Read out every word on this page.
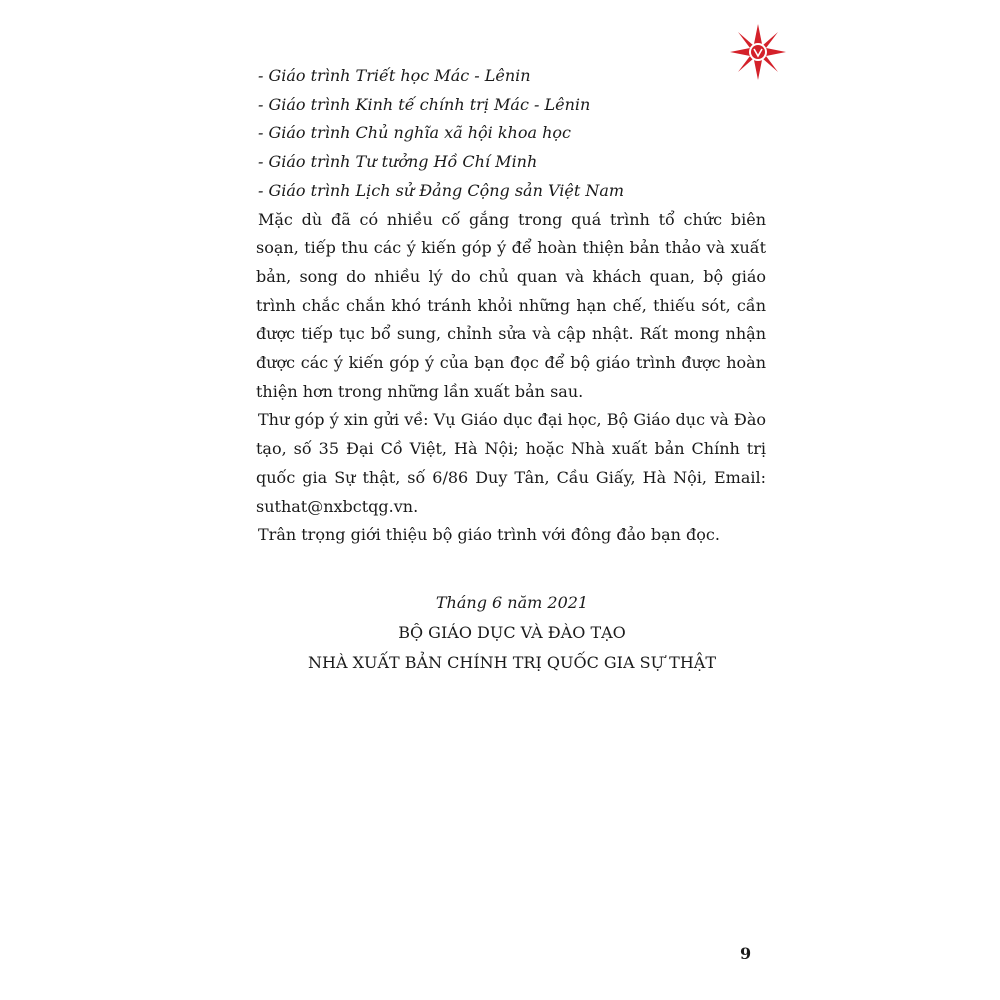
- Giáo trình Triết học Mác - Lênin
- Giáo trình Kinh tế chính trị Mác - Lênin
- Giáo trình Chủ nghĩa xã hội khoa học
- Giáo trình Tư tưởng Hồ Chí Minh
- Giáo trình Lịch sử Đảng Cộng sản Việt Nam
Mặc dù đã có nhiều cố gắng trong quá trình tổ chức biên soạn, tiếp thu các ý kiến góp ý để hoàn thiện bản thảo và xuất bản, song do nhiều lý do chủ quan và khách quan, bộ giáo trình chắc chắn khó tránh khỏi những hạn chế, thiếu sót, cần được tiếp tục bổ sung, chỉnh sửa và cập nhật. Rất mong nhận được các ý kiến góp ý của bạn đọc để bộ giáo trình được hoàn thiện hơn trong những lần xuất bản sau.
Thư góp ý xin gửi về: Vụ Giáo dục đại học, Bộ Giáo dục và Đào tạo, số 35 Đại Cồ Việt, Hà Nội; hoặc Nhà xuất bản Chính trị quốc gia Sự thật, số 6/86 Duy Tân, Cầu Giấy, Hà Nội, Email: suthat@nxbctqg.vn.
Trân trọng giới thiệu bộ giáo trình với đông đảo bạn đọc.
Tháng 6 năm 2021
BỘ GIÁO DỤC VÀ ĐÀO TẠO
NHÀ XUẤT BẢN CHÍNH TRỊ QUỐC GIA SỰ THẬT
9
